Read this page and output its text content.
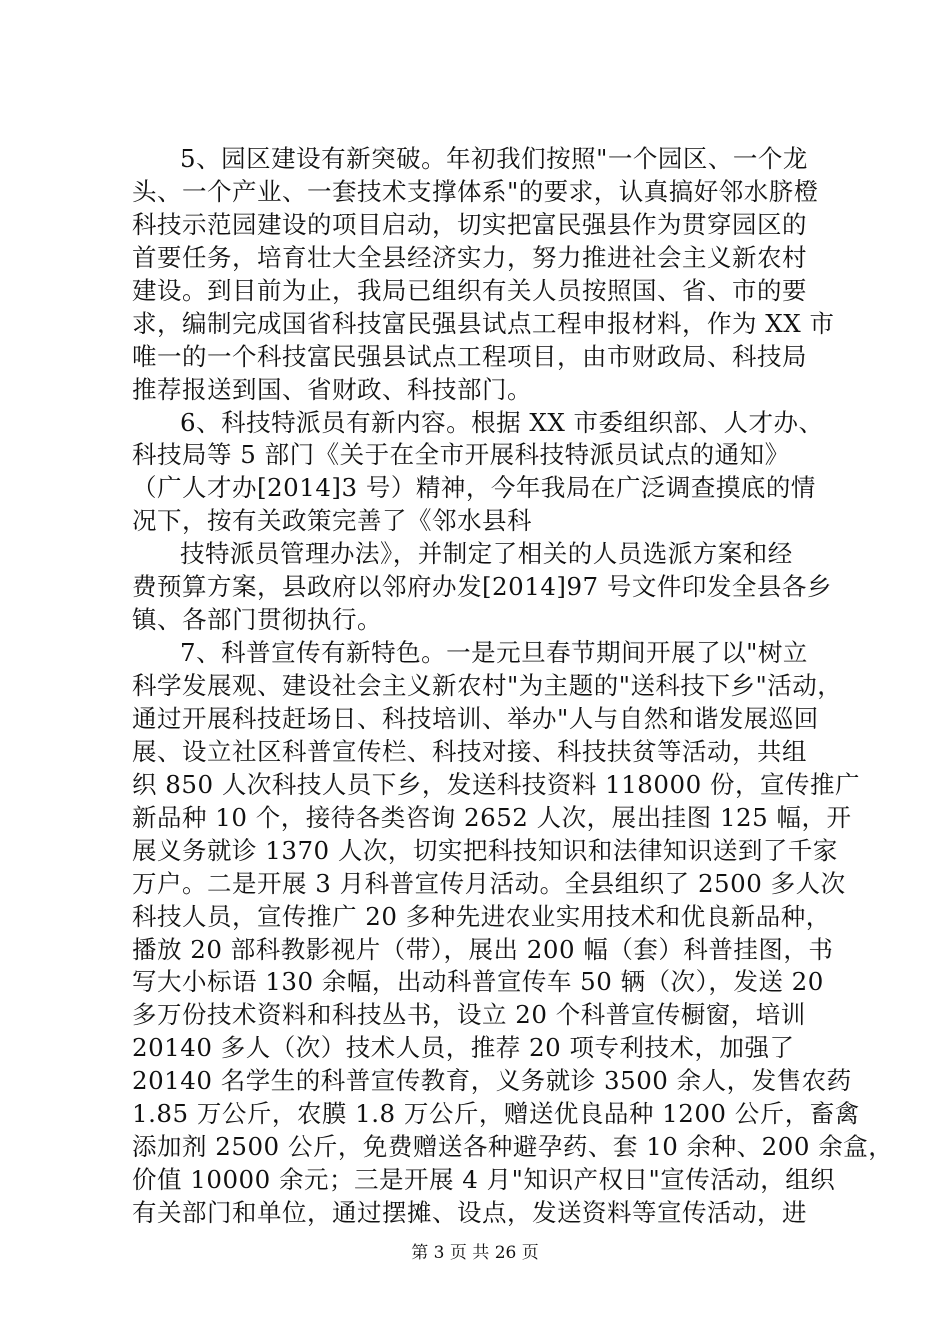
5、园区建设有新突破。年初我们按照"一个园区、一个龙
头、一个产业、一套技术支撑体系"的要求，认真搞好邻水脐橙
科技示范园建设的项目启动，切实把富民强县作为贯穿园区的
首要任务，培育壮大全县经济实力，努力推进社会主义新农村
建设。到目前为止，我局已组织有关人员按照国、省、市的要
求，编制完成国省科技富民强县试点工程申报材料，作为 XX 市
唯一的一个科技富民强县试点工程项目，由市财政局、科技局
推荐报送到国、省财政、科技部门。
6、科技特派员有新内容。根据 XX 市委组织部、人才办、
科技局等 5 部门《关于在全市开展科技特派员试点的通知》
（广人才办[2014]3 号）精神，今年我局在广泛调查摸底的情
况下，按有关政策完善了《邻水县科
技特派员管理办法》，并制定了相关的人员选派方案和经
费预算方案，县政府以邻府办发[2014]97 号文件印发全县各乡
镇、各部门贯彻执行。
7、科普宣传有新特色。一是元旦春节期间开展了以"树立
科学发展观、建设社会主义新农村"为主题的"送科技下乡"活动，
通过开展科技赶场日、科技培训、举办"人与自然和谐发展巡回
展、设立社区科普宣传栏、科技对接、科技扶贫等活动，共组
织 850 人次科技人员下乡，发送科技资料 118000 份，宣传推广
新品种 10 个，接待各类咨询 2652 人次，展出挂图 125 幅，开
展义务就诊 1370 人次，切实把科技知识和法律知识送到了千家
万户。二是开展 3 月科普宣传月活动。全县组织了 2500 多人次
科技人员，宣传推广 20 多种先进农业实用技术和优良新品种，
播放 20 部科教影视片（带），展出 200 幅（套）科普挂图，书
写大小标语 130 余幅，出动科普宣传车 50 辆（次），发送 20
多万份技术资料和科技丛书，设立 20 个科普宣传橱窗，培训
20140 多人（次）技术人员，推荐 20 项专利技术，加强了
20140 名学生的科普宣传教育，义务就诊 3500 余人，发售农药
1.85 万公斤，农膜 1.8 万公斤，赠送优良品种 1200 公斤，畜禽
添加剂 2500 公斤，免费赠送各种避孕药、套 10 余种、200 余盒，
价值 10000 余元；三是开展 4 月"知识产权日"宣传活动，组织
有关部门和单位，通过摆摊、设点，发送资料等宣传活动，进
第 3 页 共 26 页
